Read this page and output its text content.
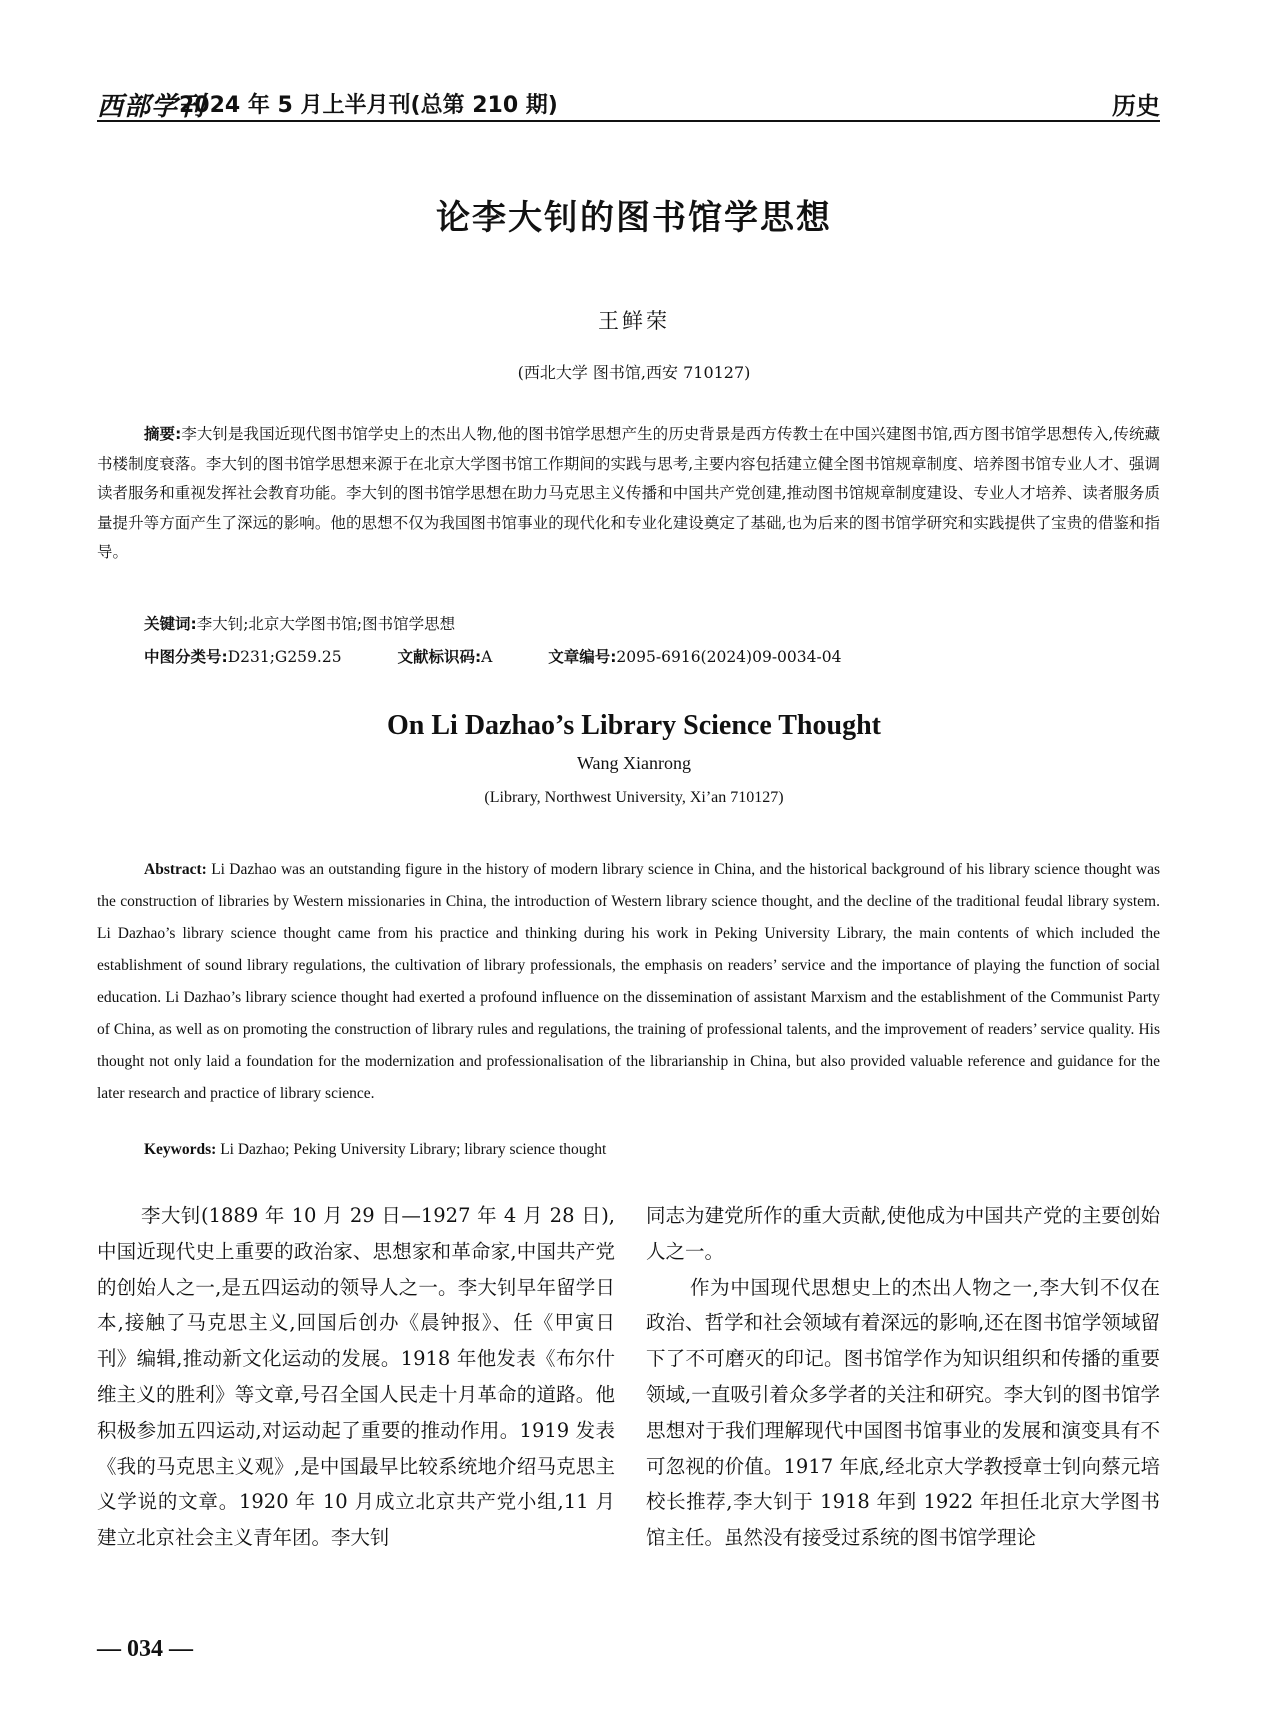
西部学刊
2024 年 5 月上半月刊(总第 210 期)	历史
论李大钊的图书馆学思想
王鲜荣
(西北大学 图书馆,西安 710127)

摘要:李大钊是我国近现代图书馆学史上的杰出人物,他的图书馆学思想产生的历史背景是西方传教士在中国兴建图书馆,西方图书馆学思想传入,传统藏书楼制度衰落。李大钊的图书馆学思想来源于在北京大学图书馆工作期间的实践与思考,主要内容包括建立健全图书馆规章制度、培养图书馆专业人才、强调读者服务和重视发挥社会教育功能。李大钊的图书馆学思想在助力马克思主义传播和中国共产党创建,推动图书馆规章制度建设、专业人才培养、读者服务质量提升等方面产生了深远的影响。他的思想不仅为我国图书馆事业的现代化和专业化建设奠定了基础,也为后来的图书馆学研究和实践提供了宝贵的借鉴和指导。

关键词:李大钊;北京大学图书馆;图书馆学思想
中图分类号:D231;G259.25	文献标识码:A	文章编号:2095-6916(2024)09-0034-04
On Li Dazhao’s Library Science Thought
Wang Xianrong
(Library, Northwest University, Xi’an 710127)

Abstract: Li Dazhao was an outstanding figure in the history of modern library science in China, and the historical background of his library science thought was the construction of libraries by Western missionaries in China, the introduction of Western library science thought, and the decline of the traditional feudal library system. Li Dazhao’s library science thought came from his practice and thinking during his work in Peking University Library, the main contents of which included the establishment of sound library regulations, the cultivation of library professionals, the emphasis on readers’ service and the importance of playing the function of social education. Li Dazhao’s library science thought had exerted a profound influence on the dissemination of assistant Marxism and the establishment of the Communist Party of China, as well as on promoting the construction of library rules and regulations, the training of professional talents, and the improvement of readers’ service quality. His thought not only laid a foundation for the modernization and professionalisation of the librarianship in China, but also provided valuable reference and guidance for the later research and practice of library science.

Keywords: Li Dazhao; Peking University Library; library science thought

李大钊(1889 年 10 月 29 日—1927 年 4 月 28 日),中国近现代史上重要的政治家、思想家和革命家,中国共产党的创始人之一,是五四运动的领导人之一。李大钊早年留学日本,接触了马克思主义,回国后创办《晨钟报》、任《甲寅日刊》编辑,推动新文化运动的发展。1918 年他发表《布尔什维主义的胜利》等文章,号召全国人民走十月革命的道路。他积极参加五四运动,对运动起了重要的推动作用。1919 发表《我的马克思主义观》,是中国最早比较系统地介绍马克思主义学说的文章。1920 年 10 月成立北京共产党小组,11 月建立北京社会主义青年团。李大钊

同志为建党所作的重大贡献,使他成为中国共产党的主要创始人之一。

作为中国现代思想史上的杰出人物之一,李大钊不仅在政治、哲学和社会领域有着深远的影响,还在图书馆学领域留下了不可磨灭的印记。图书馆学作为知识组织和传播的重要领域,一直吸引着众多学者的关注和研究。李大钊的图书馆学思想对于我们理解现代中国图书馆事业的发展和演变具有不可忽视的价值。1917 年底,经北京大学教授章士钊向蔡元培校长推荐,李大钊于 1918 年到 1922 年担任北京大学图书馆主任。虽然没有接受过系统的图书馆学理论

— 034 —
